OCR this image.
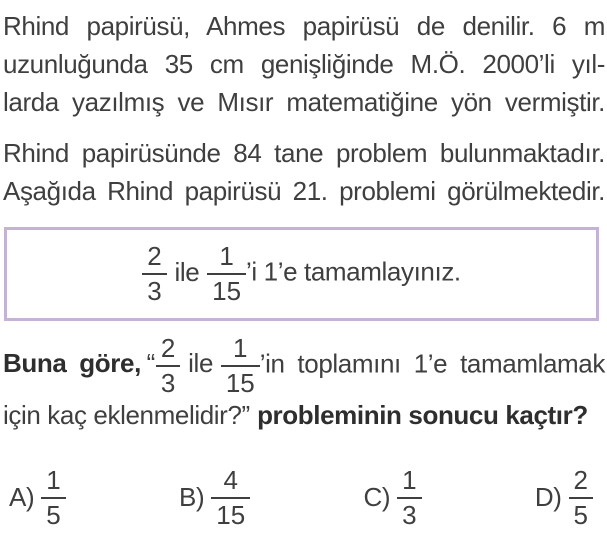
Rhind papirüsü, Ahmes papirüsü de denilir. 6 m
uzunluğunda 35 cm genişliğinde M.Ö. 2000’li yıl-
larda yazılmış ve Mısır matematiğine yön vermiştir.
Rhind papirüsünde 84 tane problem bulunmaktadır.
Aşağıda Rhind papirüsü 21. problemi görülmektedir.
$\frac{2}{3}$ ile $\frac{1}{15}$ ’i 1’e tamamlayınız.
Buna göre, “ $\frac{2}{3}$ ile $\frac{1}{15}$ ’in toplamını 1’e tamamlamak için kaç eklenmelidir?” probleminin sonucu kaçtır?
$A) \frac{1}{5}$	$B) \frac{4}{15}$	$C) \frac{1}{3}$	$D) \frac{2}{5}$
